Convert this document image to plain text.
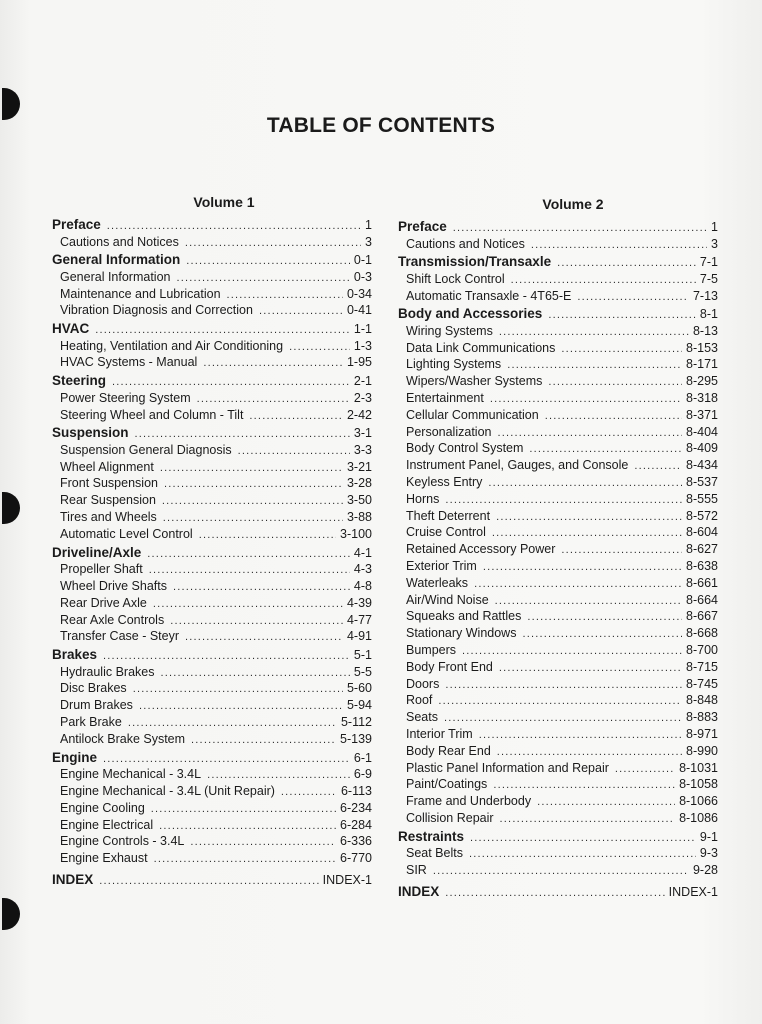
TABLE OF CONTENTS
Volume 1
Preface .....	1
Cautions and Notices .....	3
General Information .....	0-1
General Information .....	0-3
Maintenance and Lubrication .....	0-34
Vibration Diagnosis and Correction .....	0-41
HVAC .....	1-1
Heating, Ventilation and Air Conditioning .....	1-3
HVAC Systems - Manual .....	1-95
Steering .....	2-1
Power Steering System .....	2-3
Steering Wheel and Column - Tilt .....	2-42
Suspension .....	3-1
Suspension General Diagnosis .....	3-3
Wheel Alignment .....	3-21
Front Suspension .....	3-28
Rear Suspension .....	3-50
Tires and Wheels .....	3-88
Automatic Level Control .....	3-100
Driveline/Axle .....	4-1
Propeller Shaft .....	4-3
Wheel Drive Shafts .....	4-8
Rear Drive Axle .....	4-39
Rear Axle Controls .....	4-77
Transfer Case - Steyr .....	4-91
Brakes .....	5-1
Hydraulic Brakes .....	5-5
Disc Brakes .....	5-60
Drum Brakes .....	5-94
Park Brake .....	5-112
Antilock Brake System .....	5-139
Engine .....	6-1
Engine Mechanical - 3.4L .....	6-9
Engine Mechanical - 3.4L (Unit Repair) .....	6-113
Engine Cooling .....	6-234
Engine Electrical .....	6-284
Engine Controls - 3.4L .....	6-336
Engine Exhaust .....	6-770
INDEX .....	INDEX-1
Volume 2
Preface .....	1
Cautions and Notices .....	3
Transmission/Transaxle .....	7-1
Shift Lock Control .....	7-5
Automatic Transaxle - 4T65-E .....	7-13
Body and Accessories .....	8-1
Wiring Systems .....	8-13
Data Link Communications .....	8-153
Lighting Systems .....	8-171
Wipers/Washer Systems .....	8-295
Entertainment .....	8-318
Cellular Communication .....	8-371
Personalization .....	8-404
Body Control System .....	8-409
Instrument Panel, Gauges, and Console .....	8-434
Keyless Entry .....	8-537
Horns .....	8-555
Theft Deterrent .....	8-572
Cruise Control .....	8-604
Retained Accessory Power .....	8-627
Exterior Trim .....	8-638
Waterleaks .....	8-661
Air/Wind Noise .....	8-664
Squeaks and Rattles .....	8-667
Stationary Windows .....	8-668
Bumpers .....	8-700
Body Front End .....	8-715
Doors .....	8-745
Roof .....	8-848
Seats .....	8-883
Interior Trim .....	8-971
Body Rear End .....	8-990
Plastic Panel Information and Repair .....	8-1031
Paint/Coatings .....	8-1058
Frame and Underbody .....	8-1066
Collision Repair .....	8-1086
Restraints .....	9-1
Seat Belts .....	9-3
SIR .....	9-28
INDEX .....	INDEX-1
